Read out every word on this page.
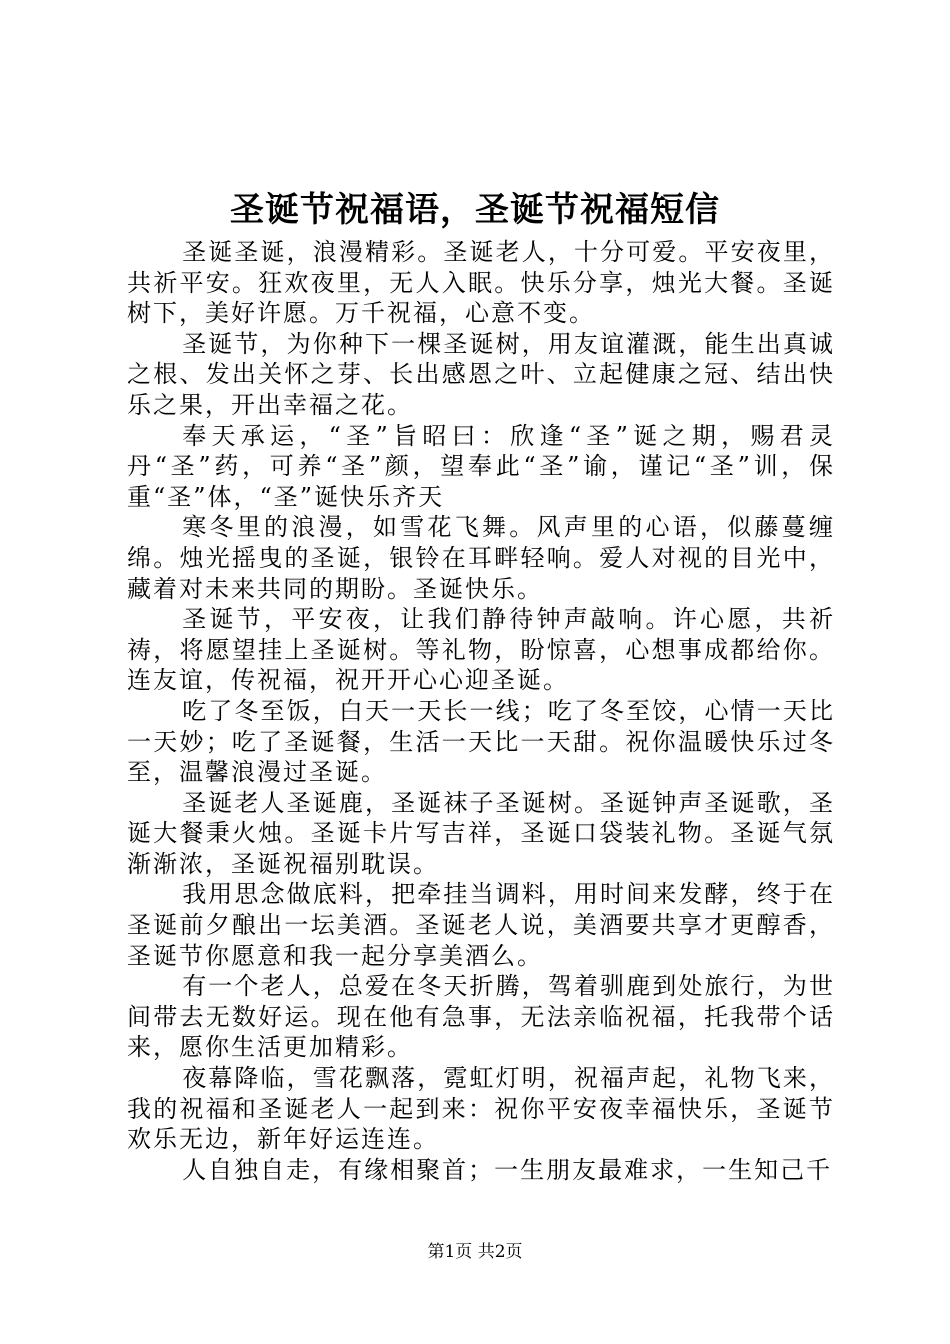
圣诞节祝福语，圣诞节祝福短信

圣诞圣诞，浪漫精彩。圣诞老人，十分可爱。平安夜里，共祈平安。狂欢夜里，无人入眠。快乐分享，烛光大餐。圣诞树下，美好许愿。万千祝福，心意不变。

圣诞节，为你种下一棵圣诞树，用友谊灌溉，能生出真诚之根、发出关怀之芽、长出感恩之叶、立起健康之冠、结出快乐之果，开出幸福之花。

奉天承运，“圣”旨昭曰：欣逢“圣”诞之期，赐君灵丹“圣”药，可养“圣”颜，望奉此“圣”谕，谨记“圣”训，保重“圣”体，“圣”诞快乐齐天

寒冬里的浪漫，如雪花飞舞。风声里的心语，似藤蔓缠绵。烛光摇曳的圣诞，银铃在耳畔轻响。爱人对视的目光中，藏着对未来共同的期盼。圣诞快乐。

圣诞节，平安夜，让我们静待钟声敲响。许心愿，共祈祷，将愿望挂上圣诞树。等礼物，盼惊喜，心想事成都给你。连友谊，传祝福，祝开开心心迎圣诞。

吃了冬至饭，白天一天长一线；吃了冬至饺，心情一天比一天妙；吃了圣诞餐，生活一天比一天甜。祝你温暖快乐过冬至，温馨浪漫过圣诞。

圣诞老人圣诞鹿，圣诞袜子圣诞树。圣诞钟声圣诞歌，圣诞大餐秉火烛。圣诞卡片写吉祥，圣诞口袋装礼物。圣诞气氛渐渐浓，圣诞祝福别耽误。

我用思念做底料，把牵挂当调料，用时间来发酵，终于在圣诞前夕酿出一坛美酒。圣诞老人说，美酒要共享才更醇香，圣诞节你愿意和我一起分享美酒么。

有一个老人，总爱在冬天折腾，驾着驯鹿到处旅行，为世间带去无数好运。现在他有急事，无法亲临祝福，托我带个话来，愿你生活更加精彩。

夜幕降临，雪花飘落，霓虹灯明，祝福声起，礼物飞来，我的祝福和圣诞老人一起到来：祝你平安夜幸福快乐，圣诞节欢乐无边，新年好运连连。

人自独自走，有缘相聚首；一生朋友最难求，一生知己千

第1页 共2页
